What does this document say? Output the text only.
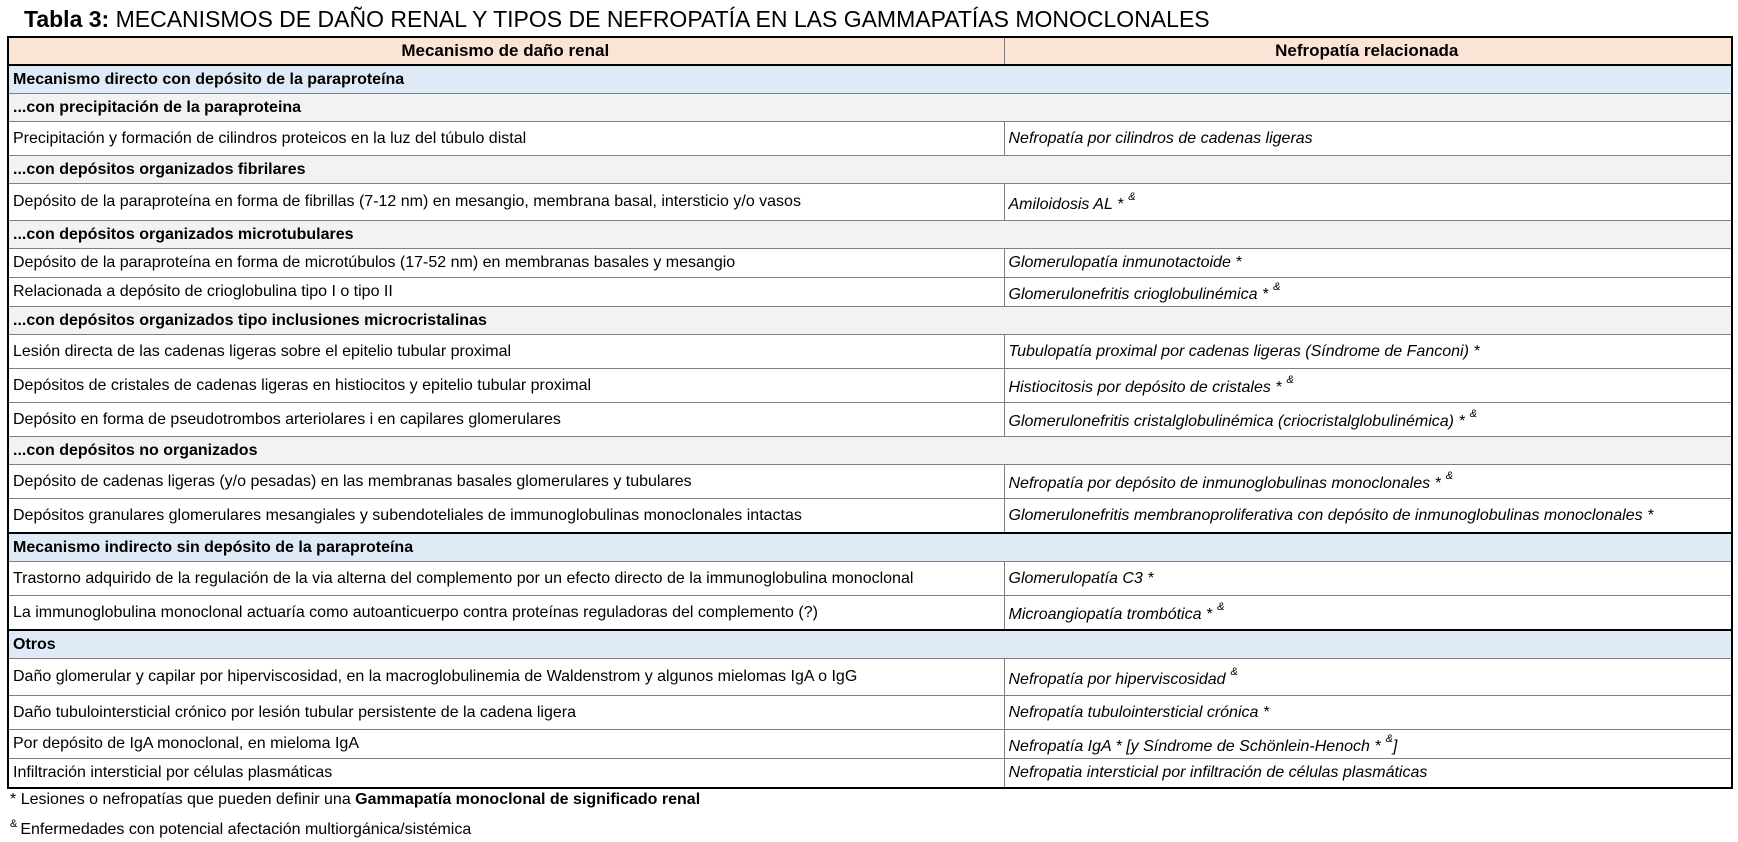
Tabla 3: MECANISMOS DE DAÑO RENAL Y TIPOS DE NEFROPATÍA EN LAS GAMMAPATÍAS MONOCLONALES
Mecanismo de daño renal	Nefropatía relacionada
Mecanismo directo con depósito de la paraproteína	
...con precipitación de la paraproteina	
Precipitación y formación de cilindros proteicos en la luz del túbulo distal	Nefropatía por cilindros de cadenas ligeras
...con depósitos organizados fibrilares	
Depósito de la paraproteína en forma de fibrillas (7-12 nm) en mesangio, membrana basal, intersticio y/o vasos	Amiloidosis AL * &
...con depósitos organizados microtubulares	
Depósito de la paraproteína en forma de microtúbulos (17-52 nm) en membranas basales y mesangio	Glomerulopatía inmunotactoide *
Relacionada a depósito de crioglobulina tipo I o tipo II	Glomerulonefritis crioglobulinémica * &
...con depósitos organizados tipo inclusiones microcristalinas	
Lesión directa de las cadenas ligeras sobre el epitelio tubular proximal	Tubulopatía proximal por cadenas ligeras (Síndrome de Fanconi) *
Depósitos de cristales de cadenas ligeras en histiocitos y epitelio tubular proximal	Histiocitosis por depósito de cristales * &
Depósito en forma de pseudotrombos arteriolares i en capilares glomerulares	Glomerulonefritis cristalglobulinémica (criocristalglobulinémica) * &
...con depósitos no organizados	
Depósito de cadenas ligeras (y/o pesadas) en las membranas basales glomerulares y tubulares	Nefropatía por depósito de inmunoglobulinas monoclonales * &
Depósitos granulares glomerulares mesangiales y subendoteliales de immunoglobulinas monoclonales intactas	Glomerulonefritis membranoproliferativa con depósito de inmunoglobulinas monoclonales *
Mecanismo indirecto sin depósito de la paraproteína	
Trastorno adquirido de la regulación de la via alterna del complemento por un efecto directo de la immunoglobulina monoclonal	Glomerulopatía C3 *
La immunoglobulina monoclonal actuaría como autoanticuerpo contra proteínas reguladoras del complemento (?)	Microangiopatía trombótica * &
Otros	
Daño glomerular y capilar por hiperviscosidad, en la macroglobulinemia de Waldenstrom y algunos mielomas IgA o IgG	Nefropatía por hiperviscosidad &
Daño tubulointersticial crónico por lesión tubular persistente de la cadena ligera	Nefropatía tubulointersticial crónica *
Por depósito de IgA monoclonal, en mieloma IgA	Nefropatía IgA * [y Síndrome de Schönlein-Henoch * &]
Infiltración intersticial por células plasmáticas	Nefropatia intersticial por infiltración de células plasmáticas
* Lesiones o nefropatías que pueden definir una Gammapatía monoclonal de significado renal
& Enfermedades con potencial afectación multiorgánica/sistémica
